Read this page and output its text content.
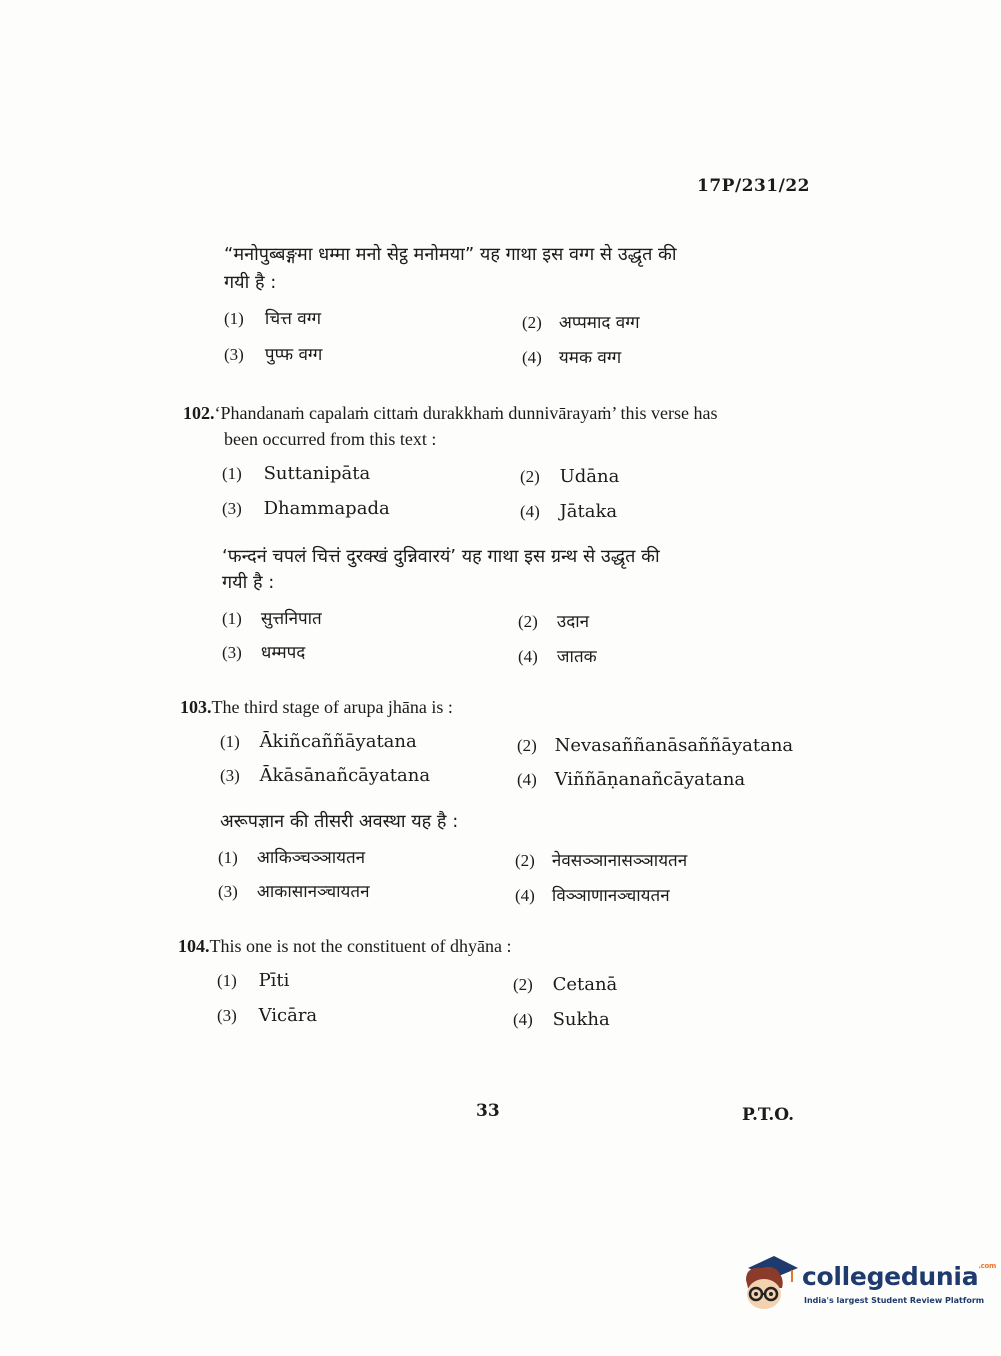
17P/231/22
“मनोपुब्बङ्गमा धम्मा मनो सेट्ठ मनोमया” यह गाथा इस वग्ग से उद्धृत की
गयी है :
(1) चित्त वग्ग	(2) अप्पमाद वग्ग
(3) पुप्फ वग्ग	(4) यमक वग्ग
102.‘Phandanaṁ capalaṁ cittaṁ durakkhaṁ dunnivārayaṁ’ this verse has
been occurred from this text :
(1) Suttanipāta	(2) Udāna
(3) Dhammapada	(4) Jātaka
‘फन्दनं चपलं चित्तं दुरक्खं दुन्निवारयं’ यह गाथा इस ग्रन्थ से उद्धृत की
गयी है :
(1) सुत्तनिपात	(2) उदान
(3) धम्मपद	(4) जातक
103.The third stage of arupa jhāna is :
(1) Ākiñcaññāyatana	(2) Nevasaññanāsaññāyatana
(3) Ākāsānañcāyatana	(4) Viññāṇanañcāyatana
अरूपज्ञान की तीसरी अवस्था यह है :
(1) आकिञ्चञ्ञायतन	(2) नेवसञ्ञानासञ्ञायतन
(3) आकासानञ्चायतन	(4) विञ्ञाणानञ्चायतन
104.This one is not the constituent of dhyāna :
(1) Pīti	(2) Cetanā
(3) Vicāra	(4) Sukha
33	P.T.O.
collegedunia$^{.com}$
India's largest Student Review Platform
